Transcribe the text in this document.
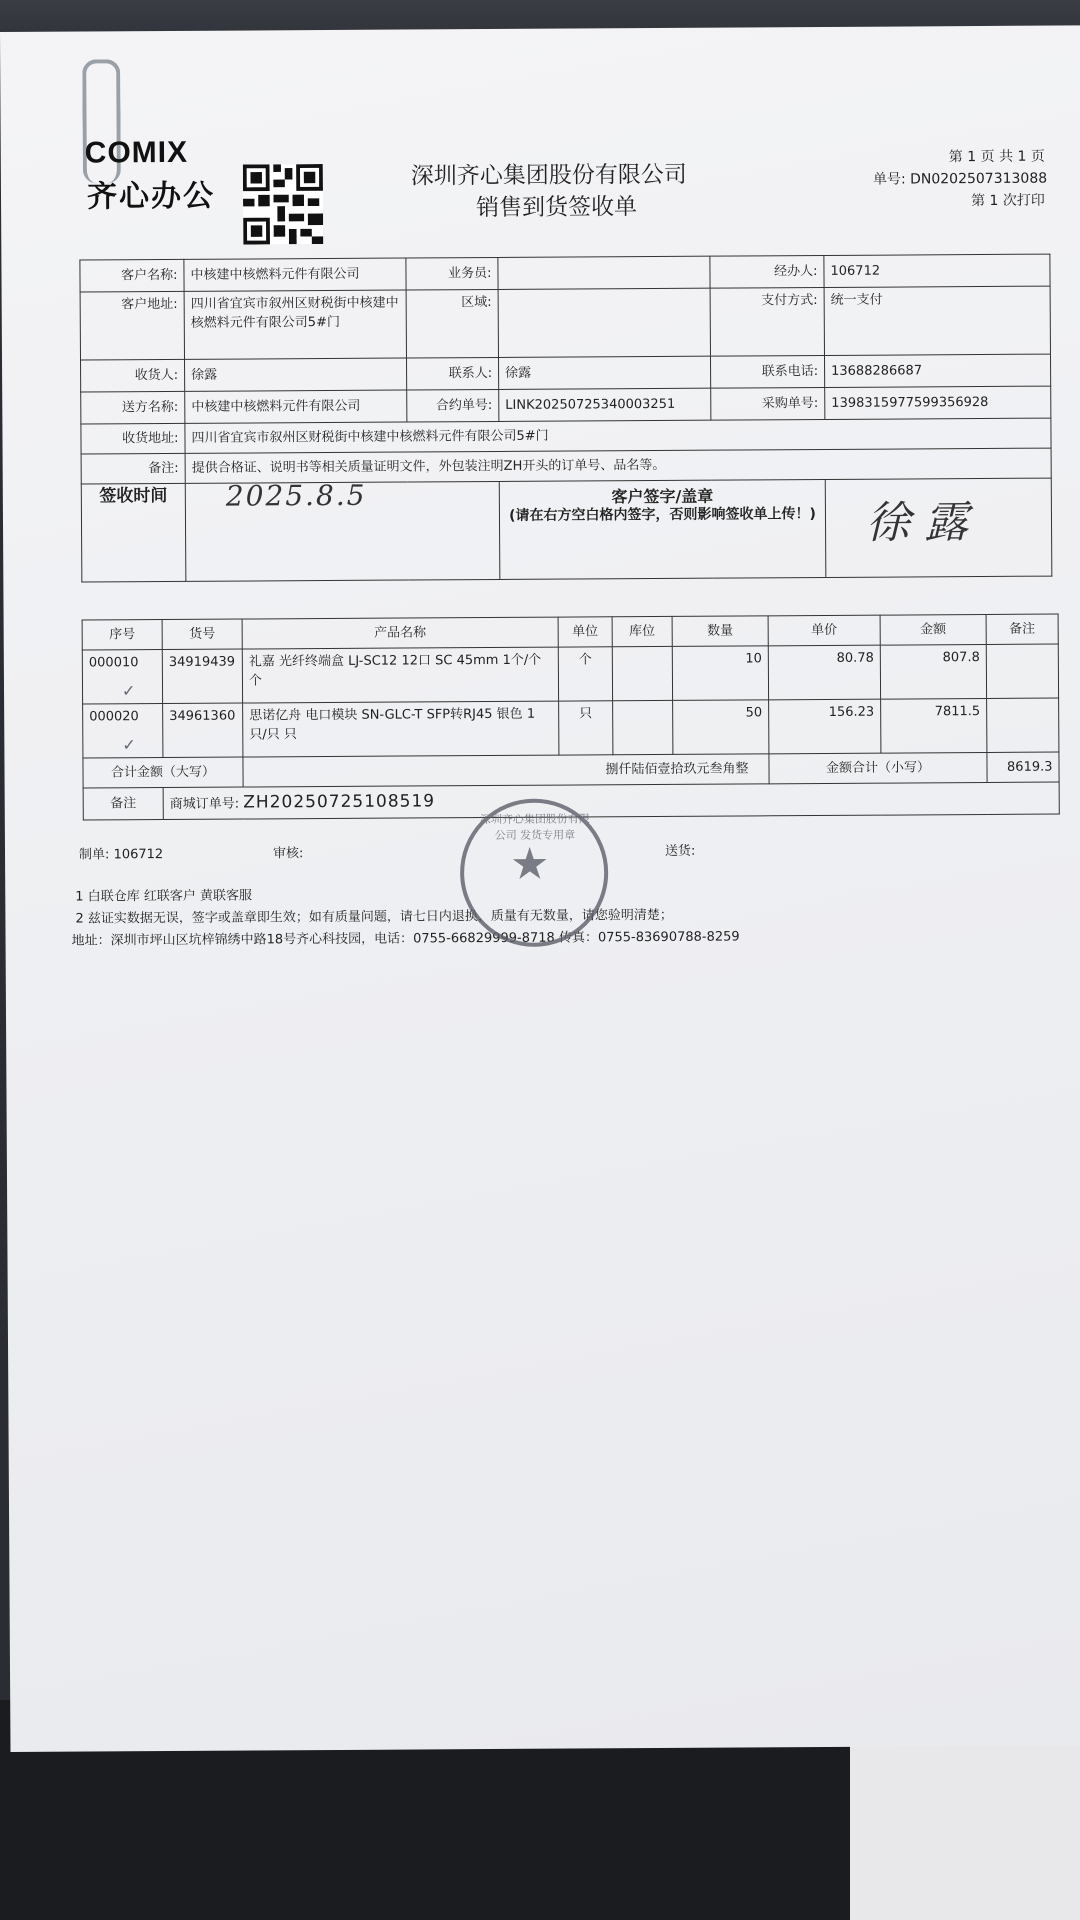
COMIX
齐心办公
深圳齐心集团股份有限公司
销售到货签收单
第 1 页 共 1 页
单号: DN0202507313088
第 1 次打印
客户名称:	中核建中核燃料元件有限公司	业务员:		经办人:	106712
客户地址:	四川省宜宾市叙州区财税街中核建中核燃料元件有限公司5#门	区域:		支付方式:	统一支付
收货人:	徐露	联系人:	徐露	联系电话:	13688286687
送方名称:	中核建中核燃料元件有限公司	合约单号:	LINK20250725340003251	采购单号:	13983159775993569​28
收货地址:	四川省宜宾市叙州区财税街中核建中核燃料元件有限公司5#门				
备注:	提供合格证、说明书等相关质量证明文件，外包装注明ZH开头的订单号、品名等。				
签收时间	2025.8.5		客户签字/盖章
(请在右方空白格内签字，否则影响签收单上传！)		徐 露
序号	货号	产品名称	单位	库位	数量	单价	金额	备注
000010	34919439	礼嘉 光纤终端盒 LJ-SC12 12口 SC 45mm 1个/个 个	个		10	80.78	807.8	
000020	34961360	思诺亿舟 电口模块 SN-GLC-T SFP转RJ45 银色 1只/只 只	只		50	156.23	7811.5	
合计金额（大写）		捌仟陆佰壹拾玖元叁角整				金额合计（小写）		8619.3
备注	商城订单号: ZH20250725108519							
✓
✓
制单: 106712	审核:	送货:
1 白联仓库 红联客户 黄联客服
2 兹证实数据无误，签字或盖章即生效；如有质量问题，请七日内退换，质量有无数量，请您验明清楚；
地址：深圳市坪山区坑梓锦绣中路18号齐心科技园，电话：0755-66829999-8718 传真：0755-83690788-8259
深圳齐心集团股份有限公司 发货专用章
★
